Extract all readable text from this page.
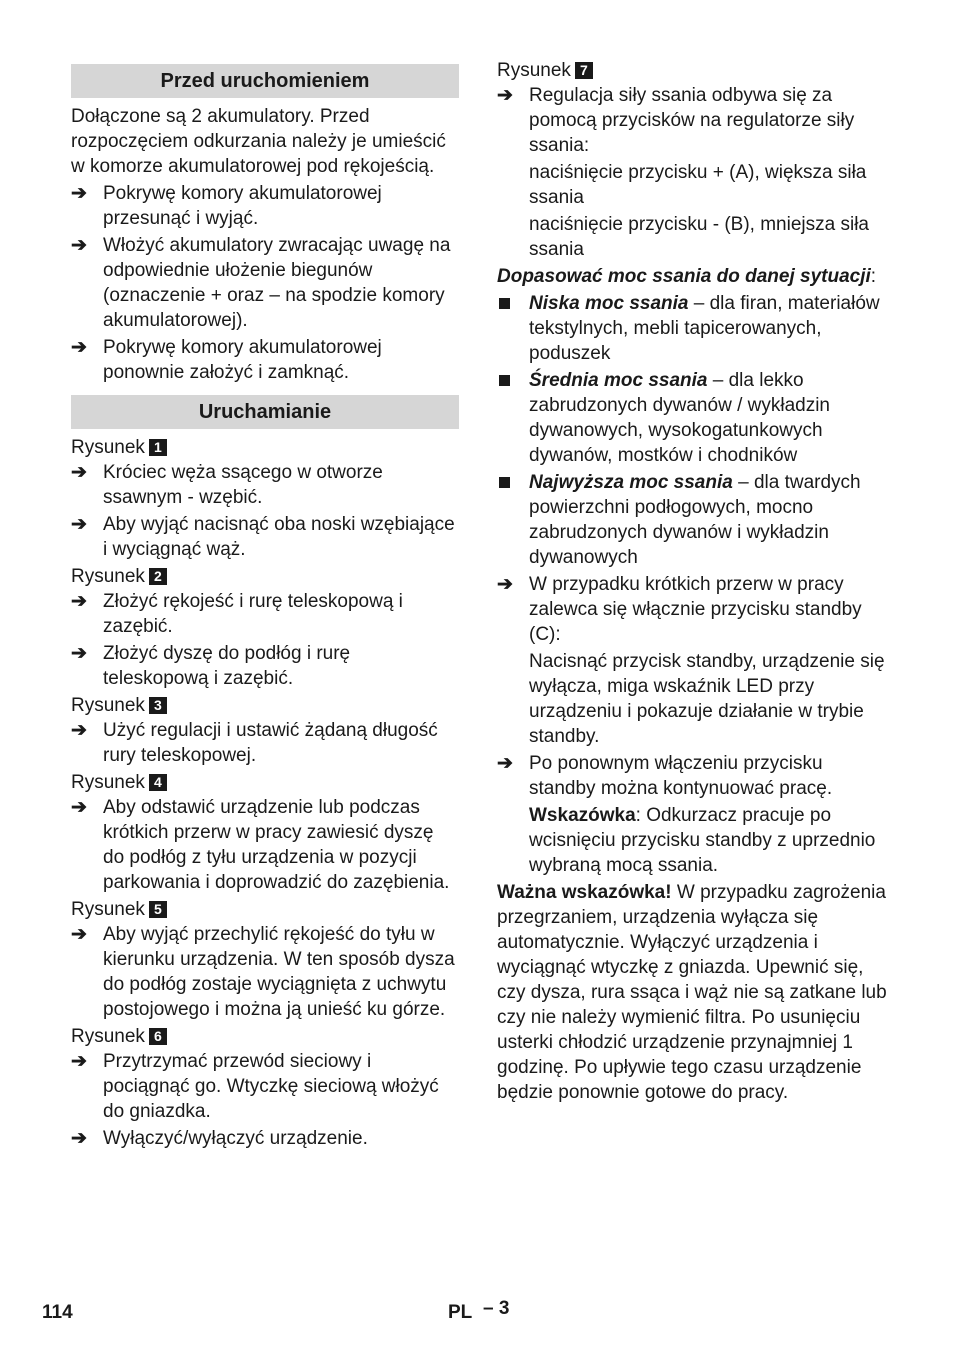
Przed uruchomieniem

Dołączone są 2 akumulatory. Przed rozpoczęciem odkurzania należy je umieścić w komorze akumulatorowej pod rękojeścią.

➔ Pokrywę komory akumulatorowej przesunąć i wyjąć.
➔ Włożyć akumulatory zwracając uwagę na odpowiednie ułożenie biegunów (oznaczenie + oraz – na spodzie komory akumulatorowej).
➔ Pokrywę komory akumulatorowej ponownie założyć i zamknąć.
Uruchamianie

Rysunek 1

➔ Króciec węża ssącego w otworze ssawnym - wzębić.
➔ Aby wyjąć nacisnąć oba noski wzębiające i wyciągnąć wąż.

Rysunek 2

➔ Złożyć rękojeść i rurę teleskopową i zazębić.
➔ Złożyć dyszę do podłóg i rurę teleskopową i zazębić.

Rysunek 3

➔ Użyć regulacji i ustawić żądaną długość rury teleskopowej.

Rysunek 4

➔ Aby odstawić urządzenie lub podczas krótkich przerw w pracy zawiesić dyszę do podłóg z tyłu urządzenia w pozycji parkowania i doprowadzić do zazębienia.

Rysunek 5

➔ Aby wyjąć przechylić rękojeść do tyłu w kierunku urządzenia. W ten sposób dysza do podłóg zostaje wyciągnięta z uchwytu postojowego i można ją unieść ku górze.

Rysunek 6

➔ Przytrzymać przewód sieciowy i pociągnąć go. Wtyczkę sieciową włożyć do gniazdka.
➔ Wyłączyć/wyłączyć urządzenie.

Rysunek 7

➔ Regulacja siły ssania odbywa się za pomocą przycisków na regulatorze siły ssania:

naciśnięcie przycisku + (A), większa siła ssania

naciśnięcie przycisku - (B), mniejsza siła ssania

Dopasować moc ssania do danej sytuacji:

Niska moc ssania – dla firan, materiałów tekstylnych, mebli tapicerowanych, poduszek
Średnia moc ssania – dla lekko zabrudzonych dywanów / wykładzin dywanowych, wysokogatunkowych dywanów, mostków i chodników
Najwyższa moc ssania – dla twardych powierzchni podłogowych, mocno zabrudzonych dywanów i wykładzin dywanowych
➔ W przypadku krótkich przerw w pracy zalewca się włącznie przycisku standby (C):

Nacisnąć przycisk standby, urządzenie się wyłącza, miga wskaźnik LED przy urządzeniu i pokazuje działanie w trybie standby.

➔ Po ponownym włączeniu przycisku standby można kontynuować pracę.

Wskazówka: Odkurzacz pracuje po wcisnięciu przycisku standby z uprzednio wybraną mocą ssania.

Ważna wskazówka! W przypadku zagrożenia przegrzaniem, urządzenia wyłącza się automatycznie. Wyłączyć urządzenia i wyciągnąć wtyczkę z gniazda. Upewnić się, czy dysza, rura ssąca i wąż nie są zatkane lub czy nie należy wymienić filtra. Po usunięciu usterki chłodzić urządzenie przynajmniej 1 godzinę. Po upływie tego czasu urządzenie będzie ponownie gotowe do pracy.

114	PL – 3
